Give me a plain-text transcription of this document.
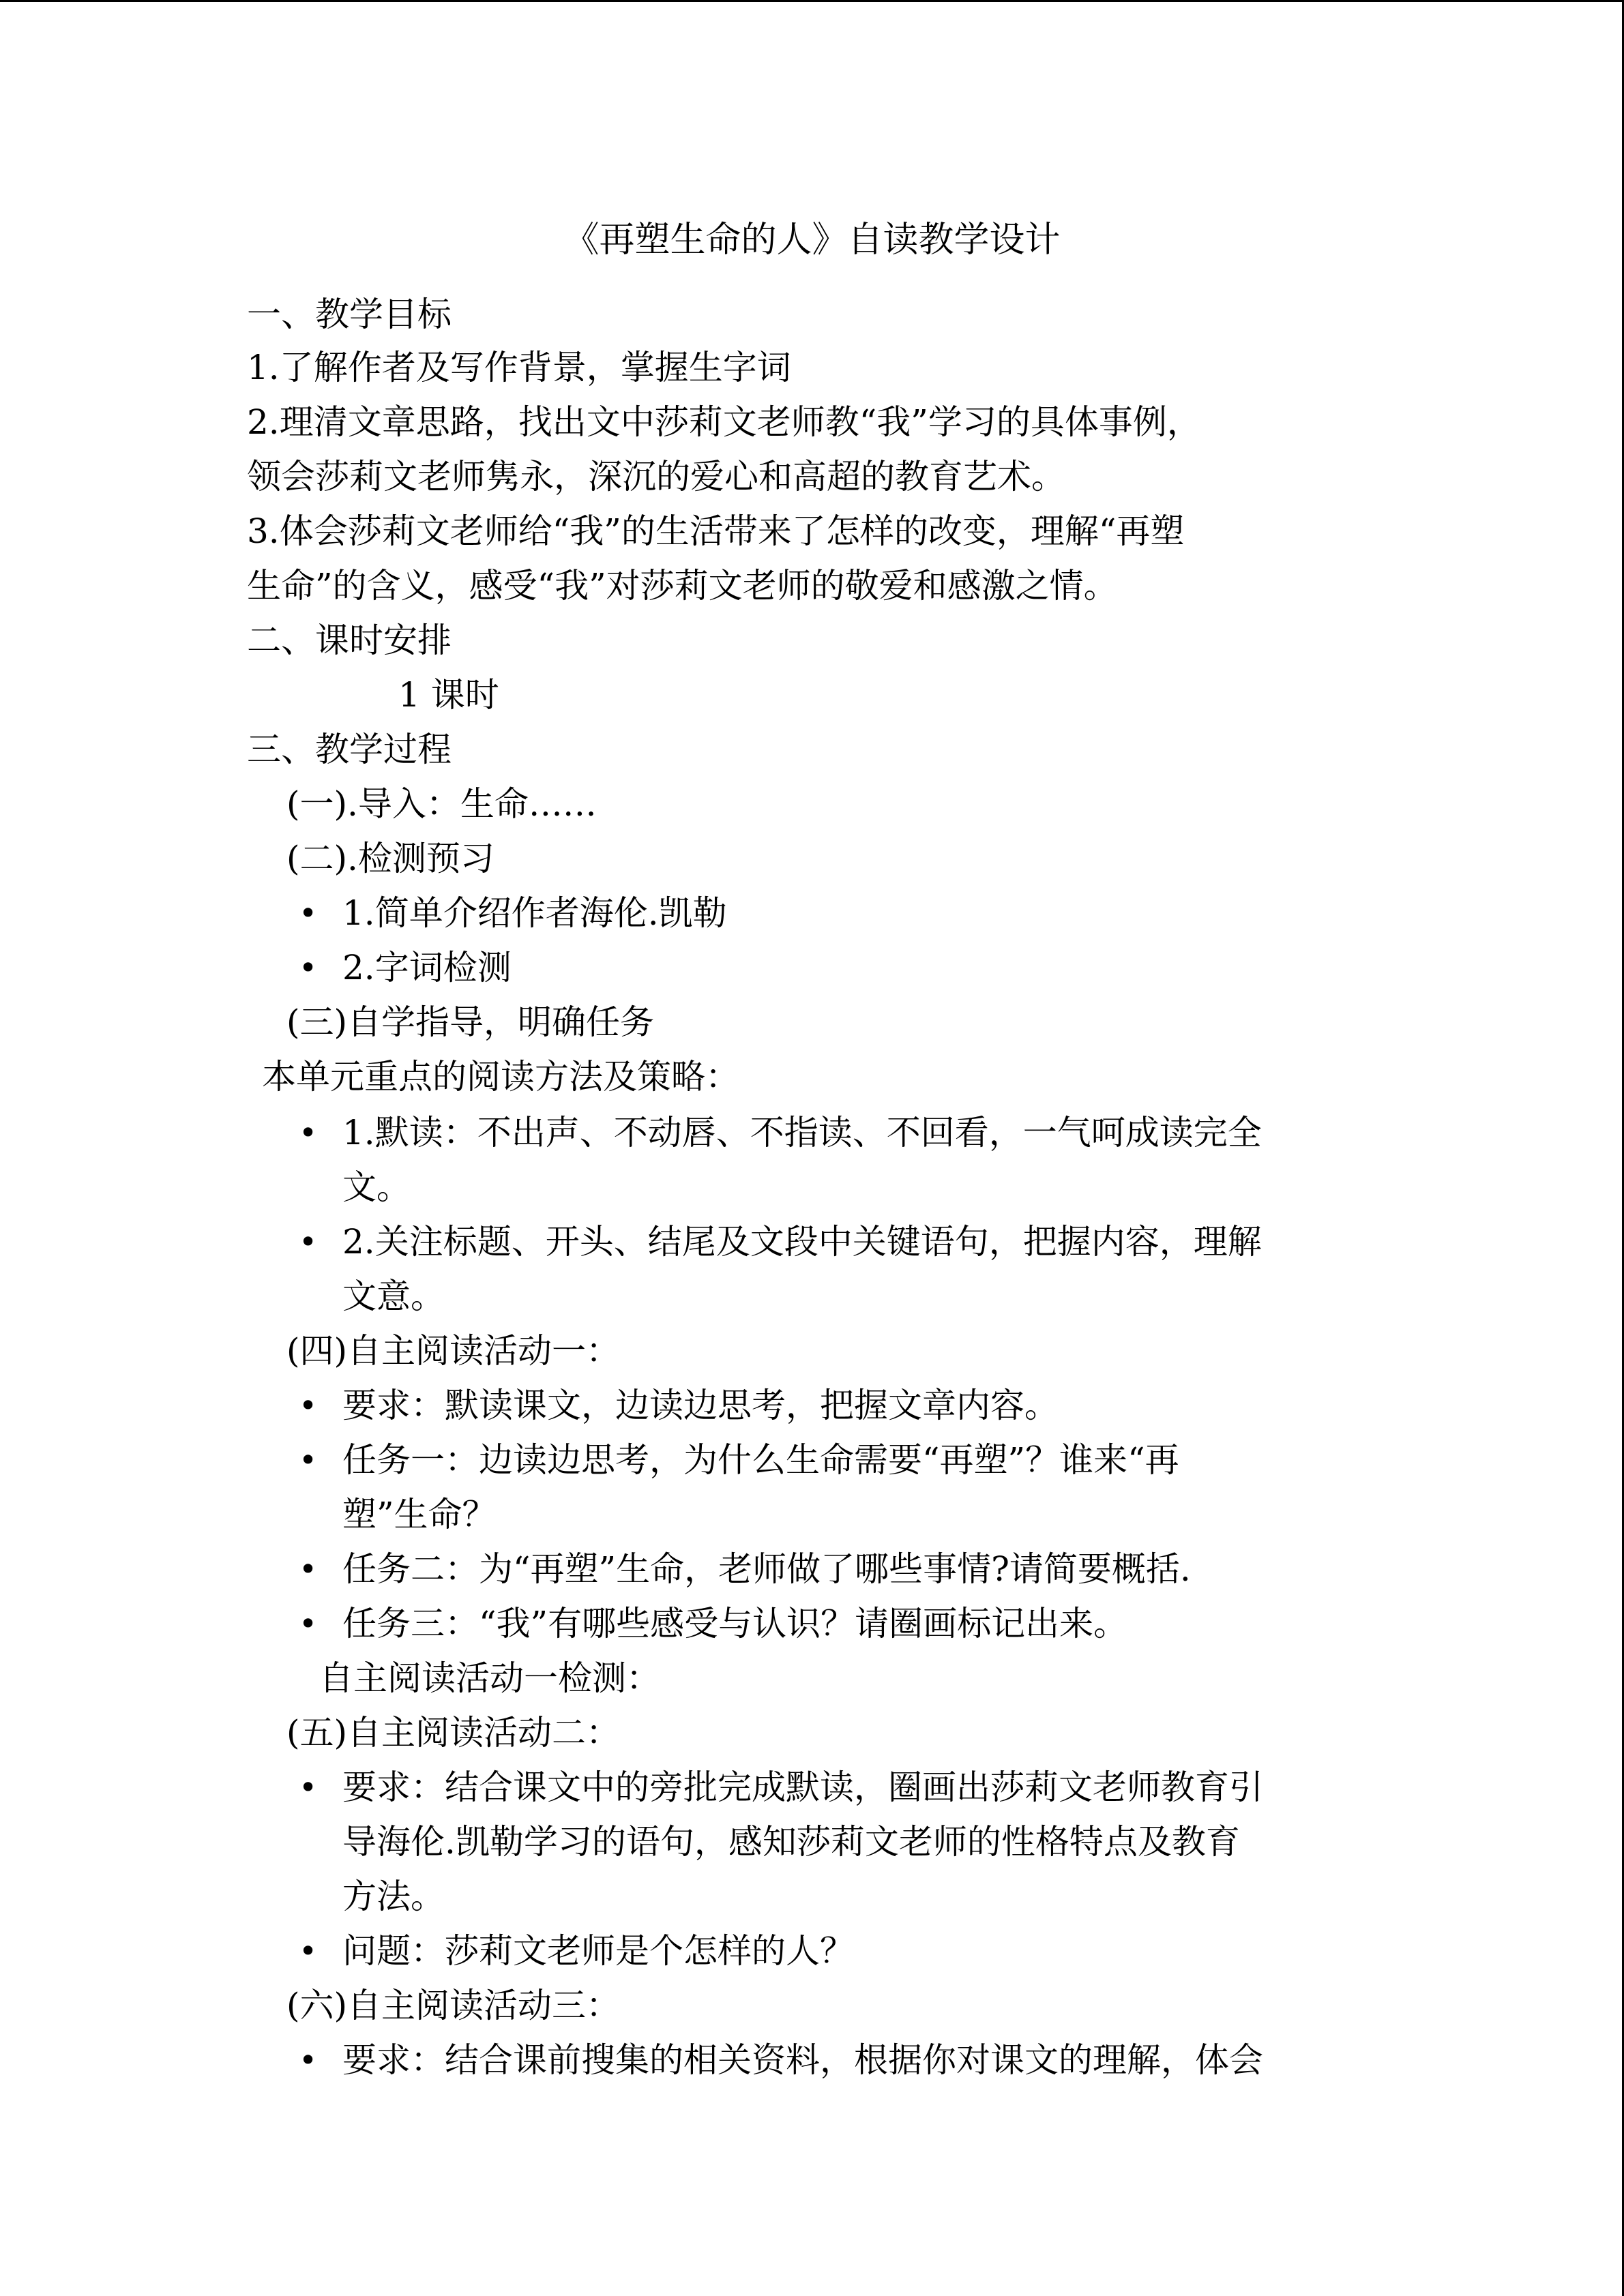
《再塑生命的人》自读教学设计
一、教学目标
1.了解作者及写作背景，掌握生字词
2.理清文章思路，找出文中莎莉文老师教“我”学习的具体事例，
领会莎莉文老师隽永，深沉的爱心和高超的教育艺术。
3.体会莎莉文老师给“我”的生活带来了怎样的改变，理解“再塑
生命”的含义，感受“我”对莎莉文老师的敬爱和感激之情。
二、课时安排
1 课时
三、教学过程
(一).导入：生命……
(二).检测预习
• 1.简单介绍作者海伦.凯勒
• 2.字词检测
(三)自学指导，明确任务
本单元重点的阅读方法及策略：
• 1.默读：不出声、不动唇、不指读、不回看，一气呵成读完全
文。
• 2.关注标题、开头、结尾及文段中关键语句，把握内容，理解
文意。
(四)自主阅读活动一：
• 要求：默读课文，边读边思考，把握文章内容。
• 任务一：边读边思考，为什么生命需要“再塑”？谁来“再
塑”生命？
• 任务二：为“再塑”生命，老师做了哪些事情?请简要概括.
• 任务三：“我”有哪些感受与认识？请圈画标记出来。
自主阅读活动一检测：
(五)自主阅读活动二：
• 要求：结合课文中的旁批完成默读，圈画出莎莉文老师教育引
导海伦.凯勒学习的语句，感知莎莉文老师的性格特点及教育
方法。
• 问题：莎莉文老师是个怎样的人？
(六)自主阅读活动三：
• 要求：结合课前搜集的相关资料，根据你对课文的理解，体会
